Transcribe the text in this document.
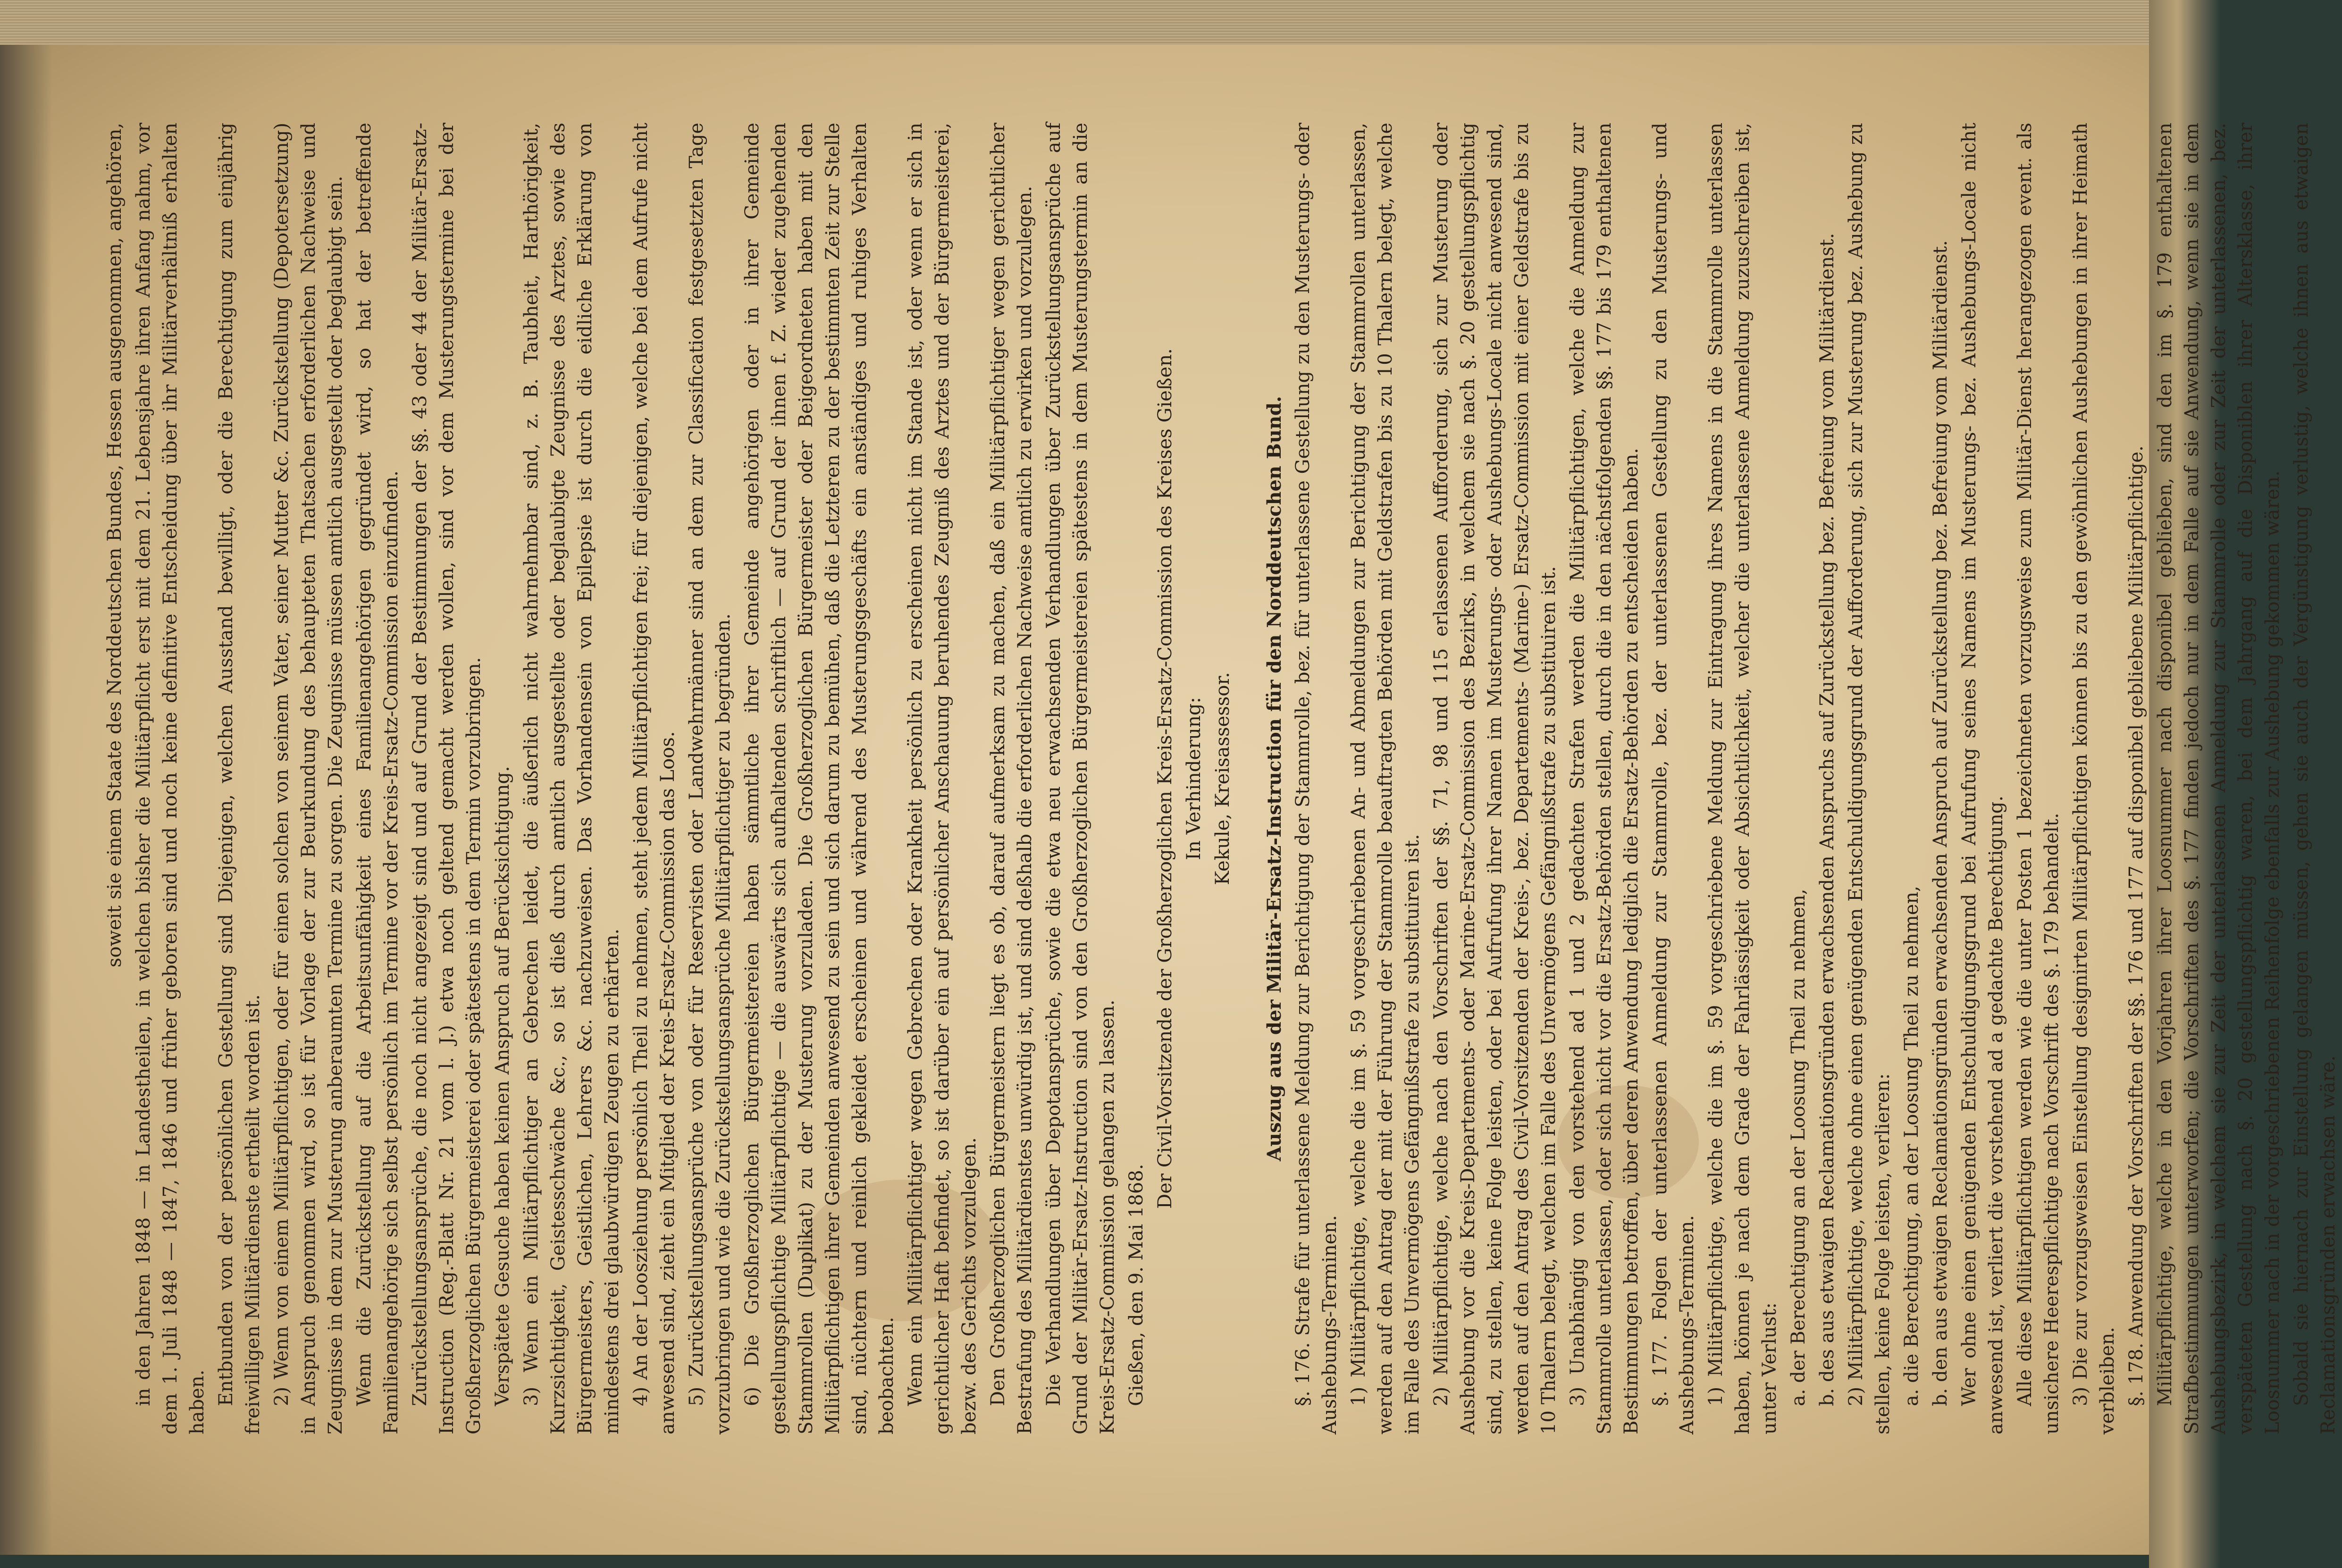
soweit sie einem Staate des Norddeutschen Bundes, Hessen ausgenommen, angehören, in den Jahren 1848 — in Landestheilen, in welchen bisher die Militärpflicht erst mit dem 21. Lebensjahre ihren Anfang nahm, vor dem 1. Juli 1848 — 1847, 1846 und früher geboren sind und noch keine definitive Entscheidung über ihr Militärverhältniß erhalten haben. Entbunden von der persönlichen Gestellung sind Diejenigen, welchen Ausstand bewilligt, oder die Berechtigung zum einjährig freiwilligen Militärdienste ertheilt worden ist. 2) Wenn von einem Militärpflichtigen, oder für einen solchen von seinem Vater, seiner Mutter &c. Zurückstellung (Depotersetzung) in Anspruch genommen wird, so ist für Vorlage der zur Beurkundung des behaupteten Thatsachen erforderlichen Nachweise und Zeugnisse in dem zur Musterung anberaumten Termine zu sorgen. Die Zeugnisse müssen amtlich ausgestellt oder beglaubigt sein. Wenn die Zurückstellung auf die Arbeitsunfähigkeit eines Familienangehörigen gegründet wird, so hat der betreffende Familienangehörige sich selbst persönlich im Termine vor der Kreis-Ersatz-Commission einzufinden. Zurückstellungsansprüche, die noch nicht angezeigt sind und auf Grund der Bestimmungen der §§. 43 oder 44 der Militär-Ersatz-Instruction (Reg.-Blatt Nr. 21 vom l. J.) etwa noch geltend gemacht werden wollen, sind vor dem Musterungstermine bei der Großherzoglichen Bürgermeisterei oder spätestens in dem Termin vorzubringen. Verspätete Gesuche haben keinen Anspruch auf Berücksichtigung. 3) Wenn ein Militärpflichtiger an Gebrechen leidet, die äußerlich nicht wahrnehmbar sind, z. B. Taubheit, Harthörigkeit, Kurzsichtigkeit, Geistesschwäche &c., so ist dieß durch amtlich ausgestellte oder beglaubigte Zeugnisse des Arztes, sowie des Bürgermeisters, Geistlichen, Lehrers &c. nachzuweisen. Das Vorhandensein von Epilepsie ist durch die eidliche Erklärung von mindestens drei glaubwürdigen Zeugen zu erhärten. 4) An der Loosziehung persönlich Theil zu nehmen, steht jedem Militärpflichtigen frei; für diejenigen, welche bei dem Aufrufe nicht anwesend sind, zieht ein Mitglied der Kreis-Ersatz-Commission das Loos. 5) Zurückstellungsansprüche von oder für Reservisten oder Landwehrmänner sind an dem zur Classification festgesetzten Tage vorzubringen und wie die Zurückstellungsansprüche Militärpflichtiger zu begründen. 6) Die Großherzoglichen Bürgermeistereien haben sämmtliche ihrer Gemeinde angehörigen oder in ihrer Gemeinde gestellungspflichtige Militärpflichtige — die auswärts sich aufhaltenden schriftlich — auf Grund der ihnen f. Z. wieder zugehenden Stammrollen (Duplikat) zu der Musterung vorzuladen. Die Großherzoglichen Bürgermeister oder Beigeordneten haben mit den Militärpflichtigen ihrer Gemeinden anwesend zu sein und sich darum zu bemühen, daß die Letzteren zu der bestimmten Zeit zur Stelle sind, nüchtern und reinlich gekleidet erscheinen und während des Musterungsgeschäfts ein anständiges und ruhiges Verhalten beobachten. Wenn ein Militärpflichtiger wegen Gebrechen oder Krankheit persönlich zu erscheinen nicht im Stande ist, oder wenn er sich in gerichtlicher Haft befindet, so ist darüber ein auf persönlicher Anschauung beruhendes Zeugniß des Arztes und der Bürgermeisterei, bezw. des Gerichts vorzulegen. Den Großherzoglichen Bürgermeistern liegt es ob, darauf aufmerksam zu machen, daß ein Militärpflichtiger wegen gerichtlicher Bestrafung des Militärdienstes unwürdig ist, und sind deßhalb die erforderlichen Nachweise amtlich zu erwirken und vorzulegen. Die Verhandlungen über Depotansprüche, sowie die etwa neu erwachsenden Verhandlungen über Zurückstellungsansprüche auf Grund der Militär-Ersatz-Instruction sind von den Großherzoglichen Bürgermeistereien spätestens in dem Musterungstermin an die Kreis-Ersatz-Commission gelangen zu lassen. Gießen, den 9. Mai 1868.

Der Civil-Vorsitzende der Großherzoglichen Kreis-Ersatz-Commission des Kreises Gießen. In Verhinderung: Kekule, Kreisassessor. Auszug aus der Militär-Ersatz-Instruction für den Norddeutschen Bund. §. 176. Strafe für unterlassene Meldung zur Berichtigung der Stammrolle, bez. für unterlassene Gestellung zu den Musterungs- oder Aushebungs-Terminen. 1) Militärpflichtige, welche die im §. 59 vorgeschriebenen An- und Abmeldungen zur Berichtigung der Stammrollen unterlassen, werden auf den Antrag der mit der Führung der Stammrolle beauftragten Behörden mit Geldstrafen bis zu 10 Thalern belegt, welche im Falle des Unvermögens Gefängnißstrafe zu substituiren ist. 2) Militärpflichtige, welche nach den Vorschriften der §§. 71, 98 und 115 erlassenen Aufforderung, sich zur Musterung oder Aushebung vor die Kreis-Departements- oder Marine-Ersatz-Commission des Bezirks, in welchem sie nach §. 20 gestellungspflichtig sind, zu stellen, keine Folge leisten, oder bei Aufrufung ihrer Namen im Musterungs- oder Aushebungs-Locale nicht anwesend sind, werden auf den Antrag des Civil-Vorsitzenden der Kreis-, bez. Departements- (Marine-) Ersatz-Commission mit einer Geldstrafe bis zu 10 Thalern belegt, welchen im Falle des Unvermögens Gefängnißstrafe zu substituiren ist. 3) Unabhängig von den vorstehend ad 1 und 2 gedachten Strafen werden die Militärpflichtigen, welche die Anmeldung zur Stammrolle unterlassen, oder sich nicht vor die Ersatz-Behörden stellen, durch die in den nächstfolgenden §§. 177 bis 179 enthaltenen Bestimmungen betroffen, über deren Anwendung lediglich die Ersatz-Behörden zu entscheiden haben. §. 177. Folgen der unterlassenen Anmeldung zur Stammrolle, bez. der unterlassenen Gestellung zu den Musterungs- und Aushebungs-Terminen. 1) Militärpflichtige, welche die im §. 59 vorgeschriebene Meldung zur Eintragung ihres Namens in die Stammrolle unterlassen haben, können je nach dem Grade der Fahrlässigkeit oder Absichtlichkeit, welcher die unterlassene Anmeldung zuzuschreiben ist, unter Verlust: a. der Berechtigung an der Loosung Theil zu nehmen, b. des aus etwaigen Reclamationsgründen erwachsenden Anspruchs auf Zurückstellung bez. Befreiung vom Militärdienst. 2) Militärpflichtige, welche ohne einen genügenden Entschuldigungsgrund der Aufforderung, sich zur Musterung bez. Aushebung zu stellen, keine Folge leisten, verlieren: a. die Berechtigung, an der Loosung Theil zu nehmen, b. den aus etwaigen Reclamationsgründen erwachsenden Anspruch auf Zurückstellung bez. Befreiung vom Militärdienst. Wer ohne einen genügenden Entschuldigungsgrund bei Aufrufung seines Namens im Musterungs- bez. Aushebungs-Locale nicht anwesend ist, verliert die vorstehend ad a gedachte Berechtigung. Alle diese Militärpflichtigen werden wie die unter Posten 1 bezeichneten vorzugsweise zum Militär-Dienst herangezogen event. als unsichere Heerespflichtige nach Vorschrift des §. 179 behandelt. 3) Die zur vorzugsweisen Einstellung designirten Militärpflichtigen können bis zu den gewöhnlichen Aushebungen in ihrer Heimath verbleiben. §. 178. Anwendung der Vorschriften der §§. 176 und 177 auf disponibel gebliebene Militärpflichtige. Militärpflichtige, welche in den Vorjahren ihrer Loosnummer nach disponibel geblieben, sind den im §. 179 enthaltenen Strafbestimmungen unterworfen; die Vorschriften des §. 177 finden jedoch nur in dem Falle auf sie Anwendung, wenn sie in dem Aushebungsbezirk, in welchem sie zur Zeit der unterlassenen Anmeldung zur Stammrolle oder zur Zeit der unterlassenen, bez. verspäteten Gestellung nach §. 20 gestellungspflichtig waren, bei dem Jahrgang auf die Disponiblen ihrer Altersklasse, ihrer Loosnummer nach in der vorgeschriebenen Reihenfolge ebenfalls zur Aushebung gekommen wären. Sobald sie hiernach zur Einstellung gelangen müssen, gehen sie auch der Vergünstigung verlustig, welche ihnen aus etwaigen Reclamationsgründen erwachsen wäre.
